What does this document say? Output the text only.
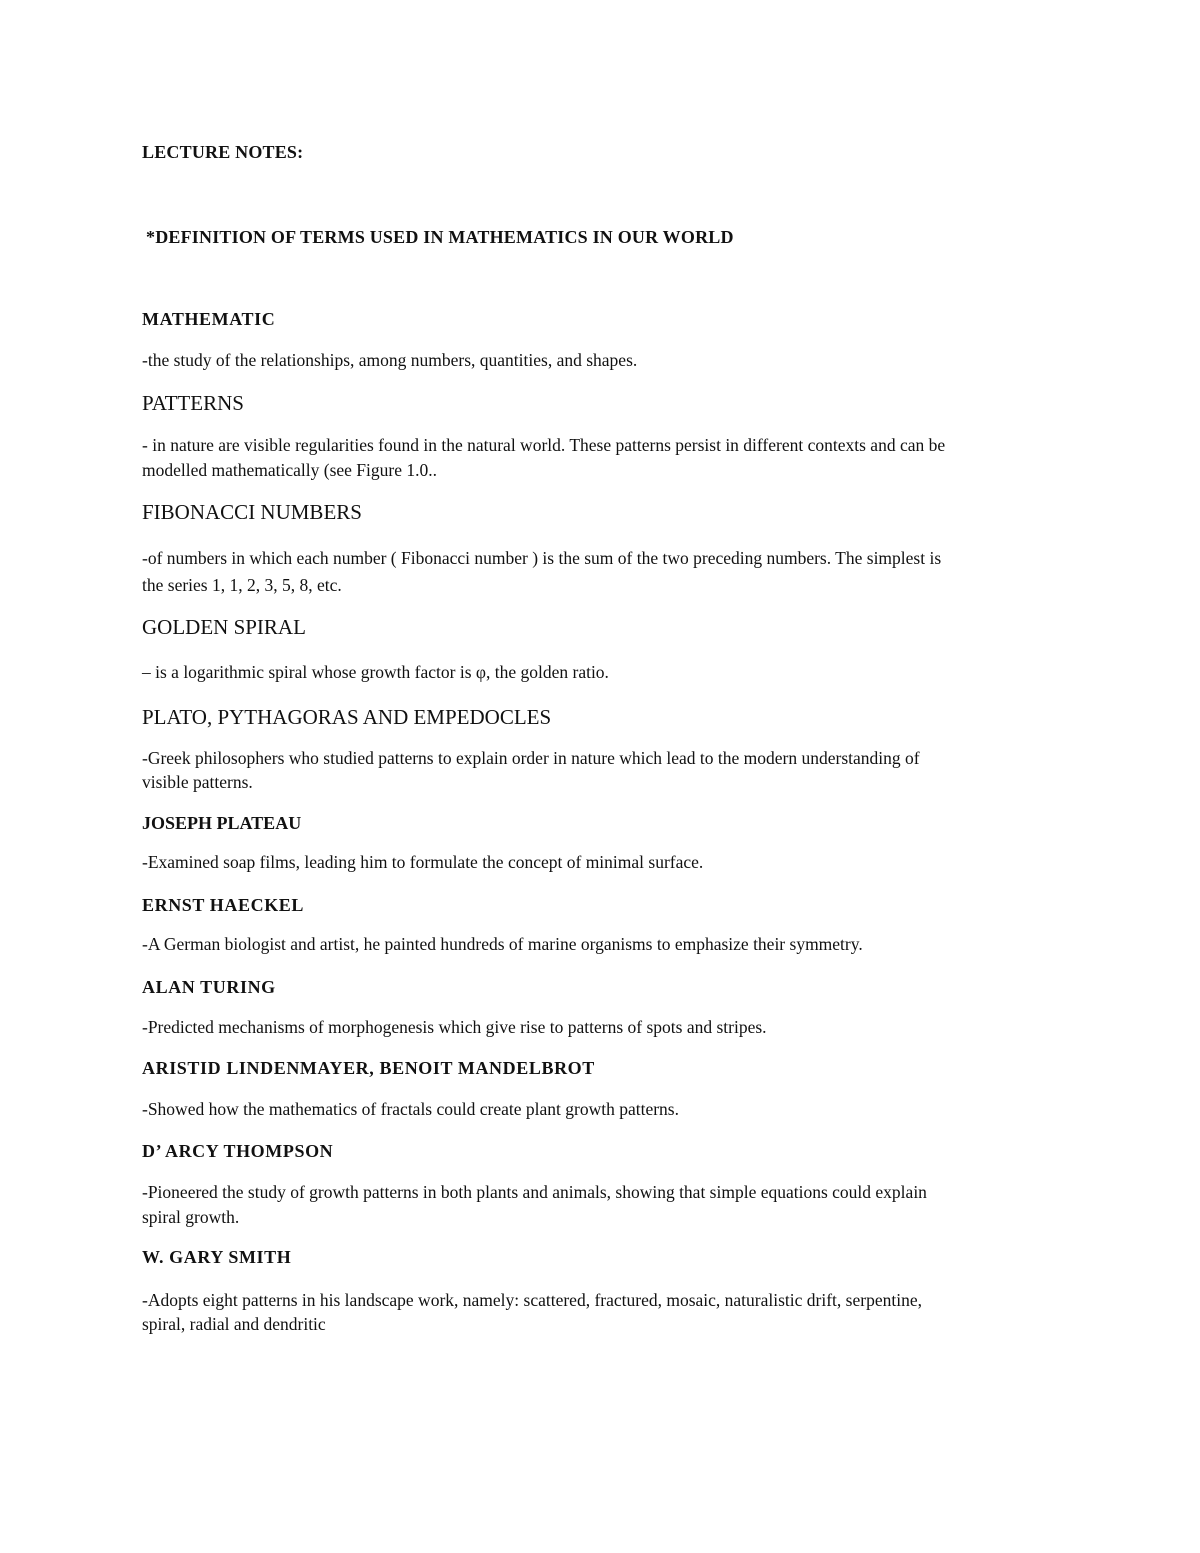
LECTURE NOTES:
*DEFINITION OF TERMS USED IN MATHEMATICS IN OUR WORLD
MATHEMATIC
-the study of the relationships, among numbers, quantities, and shapes.
PATTERNS
- in nature are visible regularities found in the natural world. These patterns persist in different contexts and can be
modelled mathematically (see Figure 1.0..
FIBONACCI NUMBERS
-of numbers in which each number ( Fibonacci number ) is the sum of the two preceding numbers. The simplest is
the series 1, 1, 2, 3, 5, 8, etc.
GOLDEN SPIRAL
– is a logarithmic spiral whose growth factor is φ, the golden ratio.
PLATO, PYTHAGORAS AND EMPEDOCLES
-Greek philosophers who studied patterns to explain order in nature which lead to the modern understanding of
visible patterns.
JOSEPH PLATEAU
-Examined soap films, leading him to formulate the concept of minimal surface.
ERNST HAECKEL
-A German biologist and artist, he painted hundreds of marine organisms to emphasize their symmetry.
ALAN TURING
-Predicted mechanisms of morphogenesis which give rise to patterns of spots and stripes.
ARISTID LINDENMAYER, BENOIT MANDELBROT
-Showed how the mathematics of fractals could create plant growth patterns.
D’ ARCY THOMPSON
-Pioneered the study of growth patterns in both plants and animals, showing that simple equations could explain
spiral growth.
W. GARY SMITH
-Adopts eight patterns in his landscape work, namely: scattered, fractured, mosaic, naturalistic drift, serpentine,
spiral, radial and dendritic
